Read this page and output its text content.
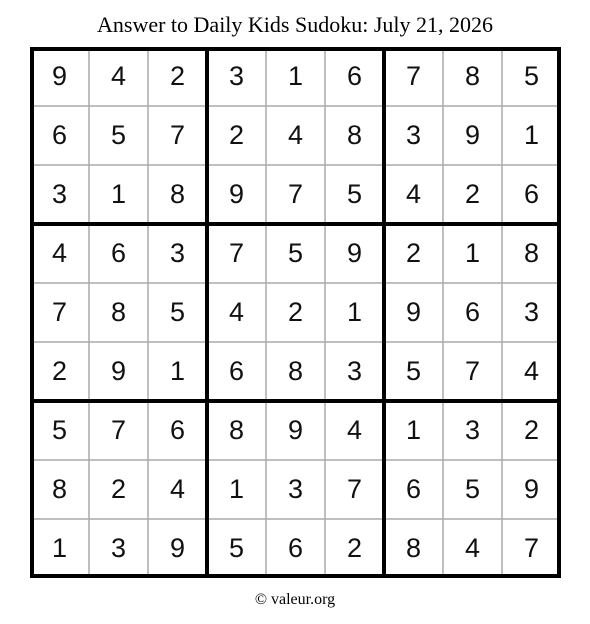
Answer to Daily Kids Sudoku: July 21, 2026
9	4	2	3	1	6	7	8	5
6	5	7	2	4	8	3	9	1
3	1	8	9	7	5	4	2	6
4	6	3	7	5	9	2	1	8
7	8	5	4	2	1	9	6	3
2	9	1	6	8	3	5	7	4
5	7	6	8	9	4	1	3	2
8	2	4	1	3	7	6	5	9
1	3	9	5	6	2	8	4	7
© valeur.org
